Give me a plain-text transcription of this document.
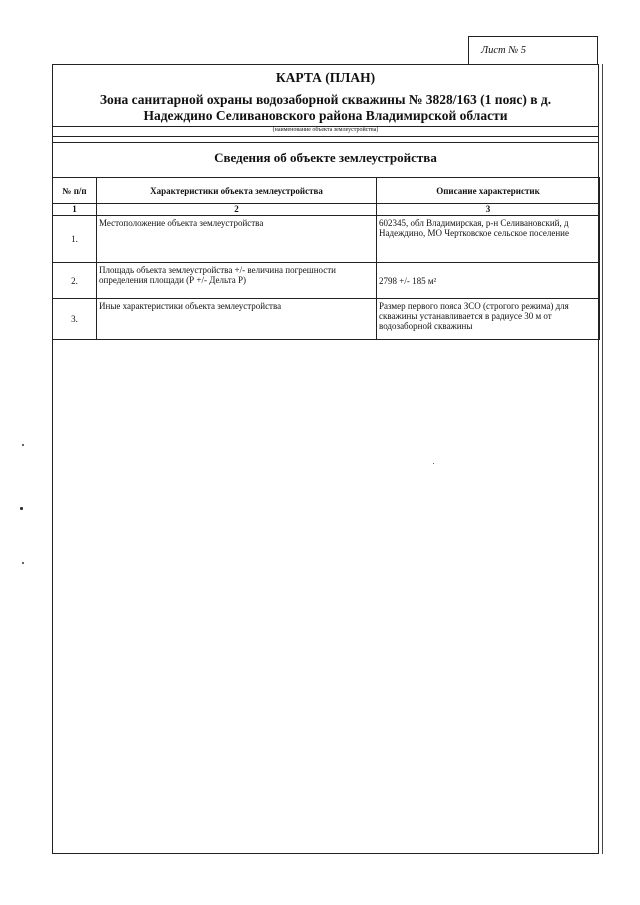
Лист № 5
КАРТА (ПЛАН)
Зона санитарной охраны водозаборной скважины № 3828/163 (1 пояс) в д.
Надеждино Селивановского района Владимирской области
(наименование объекта землеустройства)
Сведения об объекте землеустройства
№ п/п	Характеристики объекта землеустройства	Описание характеристик
1	2	3
1.	Местоположение объекта землеустройства	602345, обл Владимирская, р-н Селивановский, д Надеждино, МО Чертковское сельское поселение
2.	Площадь объекта землеустройства +/- величина погрешности определения площади (Р +/- Дельта Р)	2798 +/- 185 м²
3.	Иные характеристики объекта землеустройства	Размер первого пояса ЗСО (строгого режима) для скважины устанавливается в радиусе 30 м от водозаборной скважины
